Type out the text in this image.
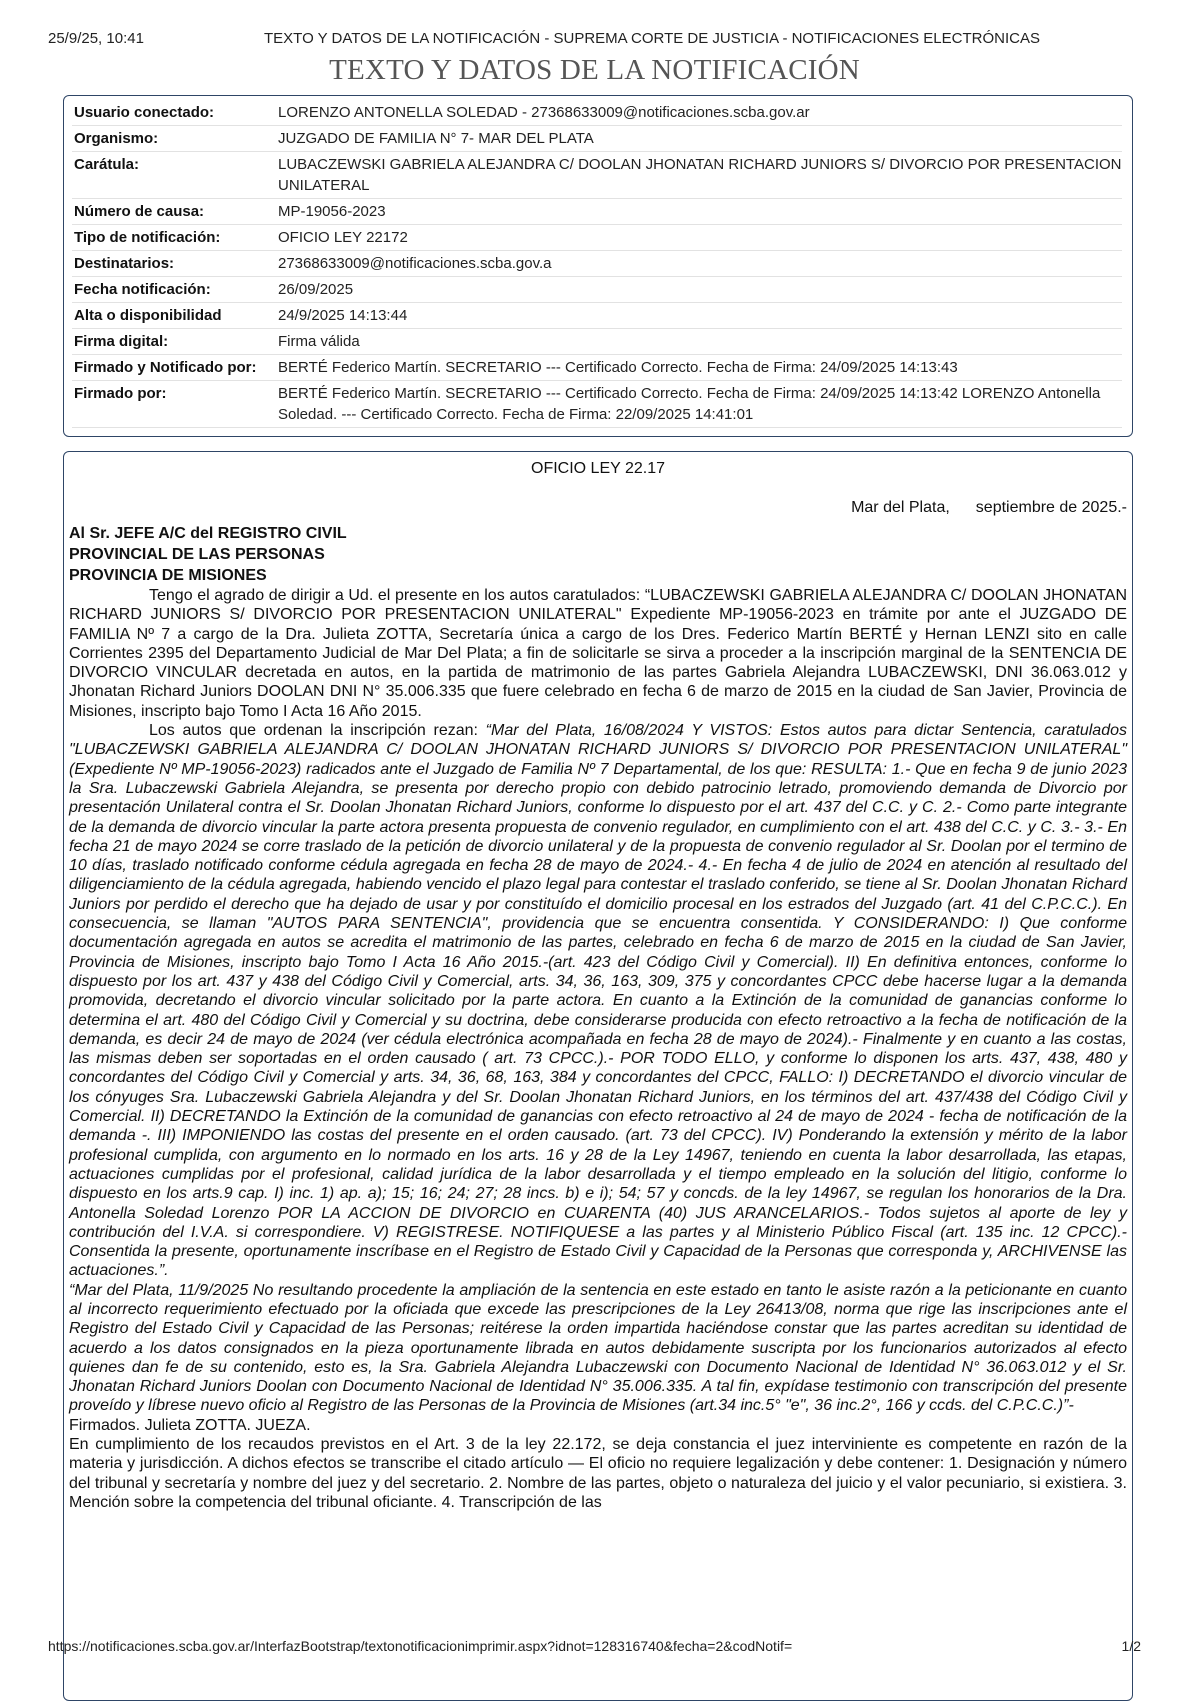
25/9/25, 10:41	TEXTO Y DATOS DE LA NOTIFICACIÓN - SUPREMA CORTE DE JUSTICIA - NOTIFICACIONES ELECTRÓNICAS
TEXTO Y DATOS DE LA NOTIFICACIÓN
Usuario conectado:	LORENZO ANTONELLA SOLEDAD - 27368633009@notificaciones.scba.gov.ar
Organismo:	JUZGADO DE FAMILIA N° 7- MAR DEL PLATA
Carátula:	LUBACZEWSKI GABRIELA ALEJANDRA C/ DOOLAN JHONATAN RICHARD JUNIORS S/ DIVORCIO POR PRESENTACION UNILATERAL
Número de causa:	MP-19056-2023
Tipo de notificación:	OFICIO LEY 22172
Destinatarios:	27368633009@notificaciones.scba.gov.a
Fecha notificación:	26/09/2025
Alta o disponibilidad	24/9/2025 14:13:44
Firma digital:	Firma válida
Firmado y Notificado por:	BERTÉ Federico Martín. SECRETARIO --- Certificado Correcto. Fecha de Firma: 24/09/2025 14:13:43
Firmado por:	BERTÉ Federico Martín. SECRETARIO --- Certificado Correcto. Fecha de Firma: 24/09/2025 14:13:42 LORENZO Antonella Soledad. --- Certificado Correcto. Fecha de Firma: 22/09/2025 14:41:01
OFICIO LEY 22.17
Mar del Plata, septiembre de 2025.-
Al Sr. JEFE A/C del REGISTRO CIVIL
PROVINCIAL DE LAS PERSONAS
PROVINCIA DE MISIONES
Tengo el agrado de dirigir a Ud. el presente en los autos caratulados: “LUBACZEWSKI GABRIELA ALEJANDRA C/ DOOLAN JHONATAN RICHARD JUNIORS S/ DIVORCIO POR PRESENTACION UNILATERAL" Expediente MP-19056-2023 en trámite por ante el JUZGADO DE FAMILIA Nº 7 a cargo de la Dra. Julieta ZOTTA, Secretaría única a cargo de los Dres. Federico Martín BERTÉ y Hernan LENZI sito en calle Corrientes 2395 del Departamento Judicial de Mar Del Plata; a fin de solicitarle se sirva a proceder a la inscripción marginal de la SENTENCIA DE DIVORCIO VINCULAR decretada en autos, en la partida de matrimonio de las partes Gabriela Alejandra LUBACZEWSKI, DNI 36.063.012 y Jhonatan Richard Juniors DOOLAN DNI N° 35.006.335 que fuere celebrado en fecha 6 de marzo de 2015 en la ciudad de San Javier, Provincia de Misiones, inscripto bajo Tomo I Acta 16 Año 2015.
Los autos que ordenan la inscripción rezan: “Mar del Plata, 16/08/2024 Y VISTOS: Estos autos para dictar Sentencia, caratulados "LUBACZEWSKI GABRIELA ALEJANDRA C/ DOOLAN JHONATAN RICHARD JUNIORS S/ DIVORCIO POR PRESENTACION UNILATERAL" (Expediente Nº MP-19056-2023) radicados ante el Juzgado de Familia Nº 7 Departamental, de los que: RESULTA: 1.- Que en fecha 9 de junio 2023 la Sra. Lubaczewski Gabriela Alejandra, se presenta por derecho propio con debido patrocinio letrado, promoviendo demanda de Divorcio por presentación Unilateral contra el Sr. Doolan Jhonatan Richard Juniors, conforme lo dispuesto por el art. 437 del C.C. y C. 2.- Como parte integrante de la demanda de divorcio vincular la parte actora presenta propuesta de convenio regulador, en cumplimiento con el art. 438 del C.C. y C. 3.- 3.- En fecha 21 de mayo 2024 se corre traslado de la petición de divorcio unilateral y de la propuesta de convenio regulador al Sr. Doolan por el termino de 10 días, traslado notificado conforme cédula agregada en fecha 28 de mayo de 2024.- 4.- En fecha 4 de julio de 2024 en atención al resultado del diligenciamiento de la cédula agregada, habiendo vencido el plazo legal para contestar el traslado conferido, se tiene al Sr. Doolan Jhonatan Richard Juniors por perdido el derecho que ha dejado de usar y por constituído el domicilio procesal en los estrados del Juzgado (art. 41 del C.P.C.C.). En consecuencia, se llaman "AUTOS PARA SENTENCIA", providencia que se encuentra consentida. Y CONSIDERANDO: I) Que conforme documentación agregada en autos se acredita el matrimonio de las partes, celebrado en fecha 6 de marzo de 2015 en la ciudad de San Javier, Provincia de Misiones, inscripto bajo Tomo I Acta 16 Año 2015.-(art. 423 del Código Civil y Comercial). II) En definitiva entonces, conforme lo dispuesto por los art. 437 y 438 del Código Civil y Comercial, arts. 34, 36, 163, 309, 375 y concordantes CPCC debe hacerse lugar a la demanda promovida, decretando el divorcio vincular solicitado por la parte actora. En cuanto a la Extinción de la comunidad de ganancias conforme lo determina el art. 480 del Código Civil y Comercial y su doctrina, debe considerarse producida con efecto retroactivo a la fecha de notificación de la demanda, es decir 24 de mayo de 2024 (ver cédula electrónica acompañada en fecha 28 de mayo de 2024).- Finalmente y en cuanto a las costas, las mismas deben ser soportadas en el orden causado ( art. 73 CPCC.).- POR TODO ELLO, y conforme lo disponen los arts. 437, 438, 480 y concordantes del Código Civil y Comercial y arts. 34, 36, 68, 163, 384 y concordantes del CPCC, FALLO: I) DECRETANDO el divorcio vincular de los cónyuges Sra. Lubaczewski Gabriela Alejandra y del Sr. Doolan Jhonatan Richard Juniors, en los términos del art. 437/438 del Código Civil y Comercial. II) DECRETANDO la Extinción de la comunidad de ganancias con efecto retroactivo al 24 de mayo de 2024 - fecha de notificación de la demanda -. III) IMPONIENDO las costas del presente en el orden causado. (art. 73 del CPCC). IV) Ponderando la extensión y mérito de la labor profesional cumplida, con argumento en lo normado en los arts. 16 y 28 de la Ley 14967, teniendo en cuenta la labor desarrollada, las etapas, actuaciones cumplidas por el profesional, calidad jurídica de la labor desarrollada y el tiempo empleado en la solución del litigio, conforme lo dispuesto en los arts.9 cap. I) inc. 1) ap. a); 15; 16; 24; 27; 28 incs. b) e i); 54; 57 y concds. de la ley 14967, se regulan los honorarios de la Dra. Antonella Soledad Lorenzo POR LA ACCION DE DIVORCIO en CUARENTA (40) JUS ARANCELARIOS.- Todos sujetos al aporte de ley y contribución del I.V.A. si correspondiere. V) REGISTRESE. NOTIFIQUESE a las partes y al Ministerio Público Fiscal (art. 135 inc. 12 CPCC).-Consentida la presente, oportunamente inscríbase en el Registro de Estado Civil y Capacidad de la Personas que corresponda y, ARCHIVENSE las actuaciones.”.
“Mar del Plata, 11/9/2025 No resultando procedente la ampliación de la sentencia en este estado en tanto le asiste razón a la peticionante en cuanto al incorrecto requerimiento efectuado por la oficiada que excede las prescripciones de la Ley 26413/08, norma que rige las inscripciones ante el Registro del Estado Civil y Capacidad de las Personas; reitérese la orden impartida haciéndose constar que las partes acreditan su identidad de acuerdo a los datos consignados en la pieza oportunamente librada en autos debidamente suscripta por los funcionarios autorizados al efecto quienes dan fe de su contenido, esto es, la Sra. Gabriela Alejandra Lubaczewski con Documento Nacional de Identidad N° 36.063.012 y el Sr. Jhonatan Richard Juniors Doolan con Documento Nacional de Identidad N° 35.006.335. A tal fin, expídase testimonio con transcripción del presente proveído y líbrese nuevo oficio al Registro de las Personas de la Provincia de Misiones (art.34 inc.5° "e", 36 inc.2°, 166 y ccds. del C.P.C.C.)”-
Firmados. Julieta ZOTTA. JUEZA.
En cumplimiento de los recaudos previstos en el Art. 3 de la ley 22.172, se deja constancia el juez interviniente es competente en razón de la materia y jurisdicción. A dichos efectos se transcribe el citado artículo — El oficio no requiere legalización y debe contener: 1. Designación y número del tribunal y secretaría y nombre del juez y del secretario. 2. Nombre de las partes, objeto o naturaleza del juicio y el valor pecuniario, si existiera. 3. Mención sobre la competencia del tribunal oficiante. 4. Transcripción de las
https://notificaciones.scba.gov.ar/InterfazBootstrap/textonotificacionimprimir.aspx?idnot=128316740&fecha=2&codNotif=	1/2
